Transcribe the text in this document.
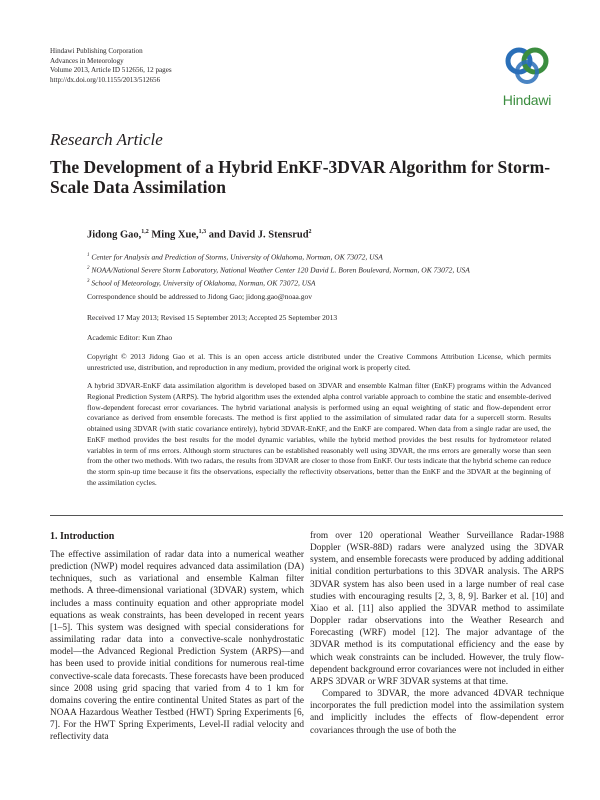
Hindawi Publishing Corporation
Advances in Meteorology
Volume 2013, Article ID 512656, 12 pages
http://dx.doi.org/10.1155/2013/512656
Hindawi
Research Article
The Development of a Hybrid EnKF-3DVAR Algorithm for Storm-Scale Data Assimilation
Jidong Gao,$^{1,2}$ Ming Xue,$^{1,3}$ and David J. Stensrud$^2$
$^1$ Center for Analysis and Prediction of Storms, University of Oklahoma, Norman, OK 73072, USA
$^2$ NOAA/National Severe Storm Laboratory, National Weather Center 120 David L. Boren Boulevard, Norman, OK 73072, USA
$^3$ School of Meteorology, University of Oklahoma, Norman, OK 73072, USA
Correspondence should be addressed to Jidong Gao; jidong.gao@noaa.gov
Received 17 May 2013; Revised 15 September 2013; Accepted 25 September 2013
Academic Editor: Kun Zhao
Copyright © 2013 Jidong Gao et al. This is an open access article distributed under the Creative Commons Attribution License, which permits unrestricted use, distribution, and reproduction in any medium, provided the original work is properly cited.
A hybrid 3DVAR-EnKF data assimilation algorithm is developed based on 3DVAR and ensemble Kalman filter (EnKF) programs within the Advanced Regional Prediction System (ARPS). The hybrid algorithm uses the extended alpha control variable approach to combine the static and ensemble-derived flow-dependent forecast error covariances. The hybrid variational analysis is performed using an equal weighting of static and flow-dependent error covariance as derived from ensemble forecasts. The method is first applied to the assimilation of simulated radar data for a supercell storm. Results obtained using 3DVAR (with static covariance entirely), hybrid 3DVAR-EnKF, and the EnKF are compared. When data from a single radar are used, the EnKF method provides the best results for the model dynamic variables, while the hybrid method provides the best results for hydrometeor related variables in term of rms errors. Although storm structures can be established reasonably well using 3DVAR, the rms errors are generally worse than seen from the other two methods. With two radars, the results from 3DVAR are closer to those from EnKF. Our tests indicate that the hybrid scheme can reduce the storm spin-up time because it fits the observations, especially the reflectivity observations, better than the EnKF and the 3DVAR at the beginning of the assimilation cycles.
1. Introduction

The effective assimilation of radar data into a numerical weather prediction (NWP) model requires advanced data assimilation (DA) techniques, such as variational and ensemble Kalman filter methods. A three-dimensional variational (3DVAR) system, which includes a mass continuity equation and other appropriate model equations as weak constraints, has been developed in recent years [1–5]. This system was designed with special considerations for assimilating radar data into a convective-scale nonhydrostatic model—the Advanced Regional Prediction System (ARPS)—and has been used to provide initial conditions for numerous real-time convective-scale data forecasts. These forecasts have been produced since 2008 using grid spacing that varied from 4 to 1 km for domains covering the entire continental United States as part of the NOAA Hazardous Weather Testbed (HWT) Spring Experiments [6, 7]. For the HWT Spring Experiments, Level-II radial velocity and reflectivity data

from over 120 operational Weather Surveillance Radar-1988 Doppler (WSR-88D) radars were analyzed using the 3DVAR system, and ensemble forecasts were produced by adding additional initial condition perturbations to this 3DVAR analysis. The ARPS 3DVAR system has also been used in a large number of real case studies with encouraging results [2, 3, 8, 9]. Barker et al. [10] and Xiao et al. [11] also applied the 3DVAR method to assimilate Doppler radar observations into the Weather Research and Forecasting (WRF) model [12]. The major advantage of the 3DVAR method is its computational efficiency and the ease by which weak constraints can be included. However, the truly flow-dependent background error covariances were not included in either ARPS 3DVAR or WRF 3DVAR systems at that time.

Compared to 3DVAR, the more advanced 4DVAR technique incorporates the full prediction model into the assimilation system and implicitly includes the effects of flow-dependent error covariances through the use of both the
